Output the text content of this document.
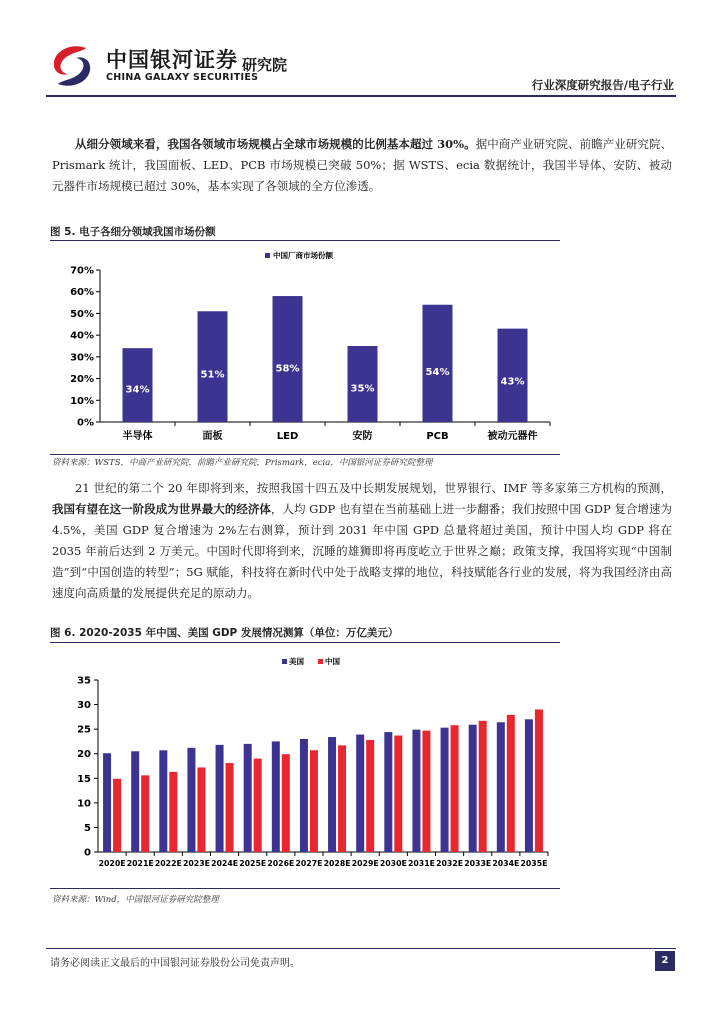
中国银河证券
CHINA GALAXY SECURITIES
研究院
行业深度研究报告/电子行业
从细分领域来看，我国各领域市场规模占全球市场规模的比例基本超过 30%。据中商产业研究院、前瞻产业研究院、Prismark 统计，我国面板、LED、PCB 市场规模已突破 50%；据 WSTS、ecia 数据统计，我国半导体、安防、被动元器件市场规模已超过 30%，基本实现了各领域的全方位渗透。
图 5. 电子各细分领域我国市场份额
0%
10%
20%
30%
40%
50%
60%
70%
半导体	面板	LED	安防	PCB	被动元器件
34%
51%
58%
35%
54%
43%
中国厂商市场份额
资料来源：WSTS，中商产业研究院，前瞻产业研究院，Prismark，ecia，中国银河证券研究院整理
21 世纪的第二个 20 年即将到来，按照我国十四五及中长期发展规划，世界银行、IMF 等多家第三方机构的预测，我国有望在这一阶段成为世界最大的经济体，人均 GDP 也有望在当前基础上进一步翻番；我们按照中国 GDP 复合增速为 4.5%，美国 GDP 复合增速为 2%左右测算，预计到 2031 年中国 GPD 总量将超过美国，预计中国人均 GDP 将在 2035 年前后达到 2 万美元。中国时代即将到来，沉睡的雄狮即将再度屹立于世界之巅；政策支撑，我国将实现“中国制造”到“中国创造的转型”；5G 赋能，科技将在新时代中处于战略支撑的地位，科技赋能各行业的发展，将为我国经济由高速度向高质量的发展提供充足的原动力。
图 6. 2020-2035 年中国、美国 GDP 发展情况测算（单位：万亿美元）
0
5
10
15
20
25
30
35
2020E 2021E 2022E 2023E 2024E 2025E 2026E 2027E 2028E 2029E 2030E 2031E 2032E 2033E 2034E 2035E
美国	中国
资料来源：Wind，中国银河证券研究院整理
请务必阅读正文最后的中国银河证券股份公司免责声明。	2
